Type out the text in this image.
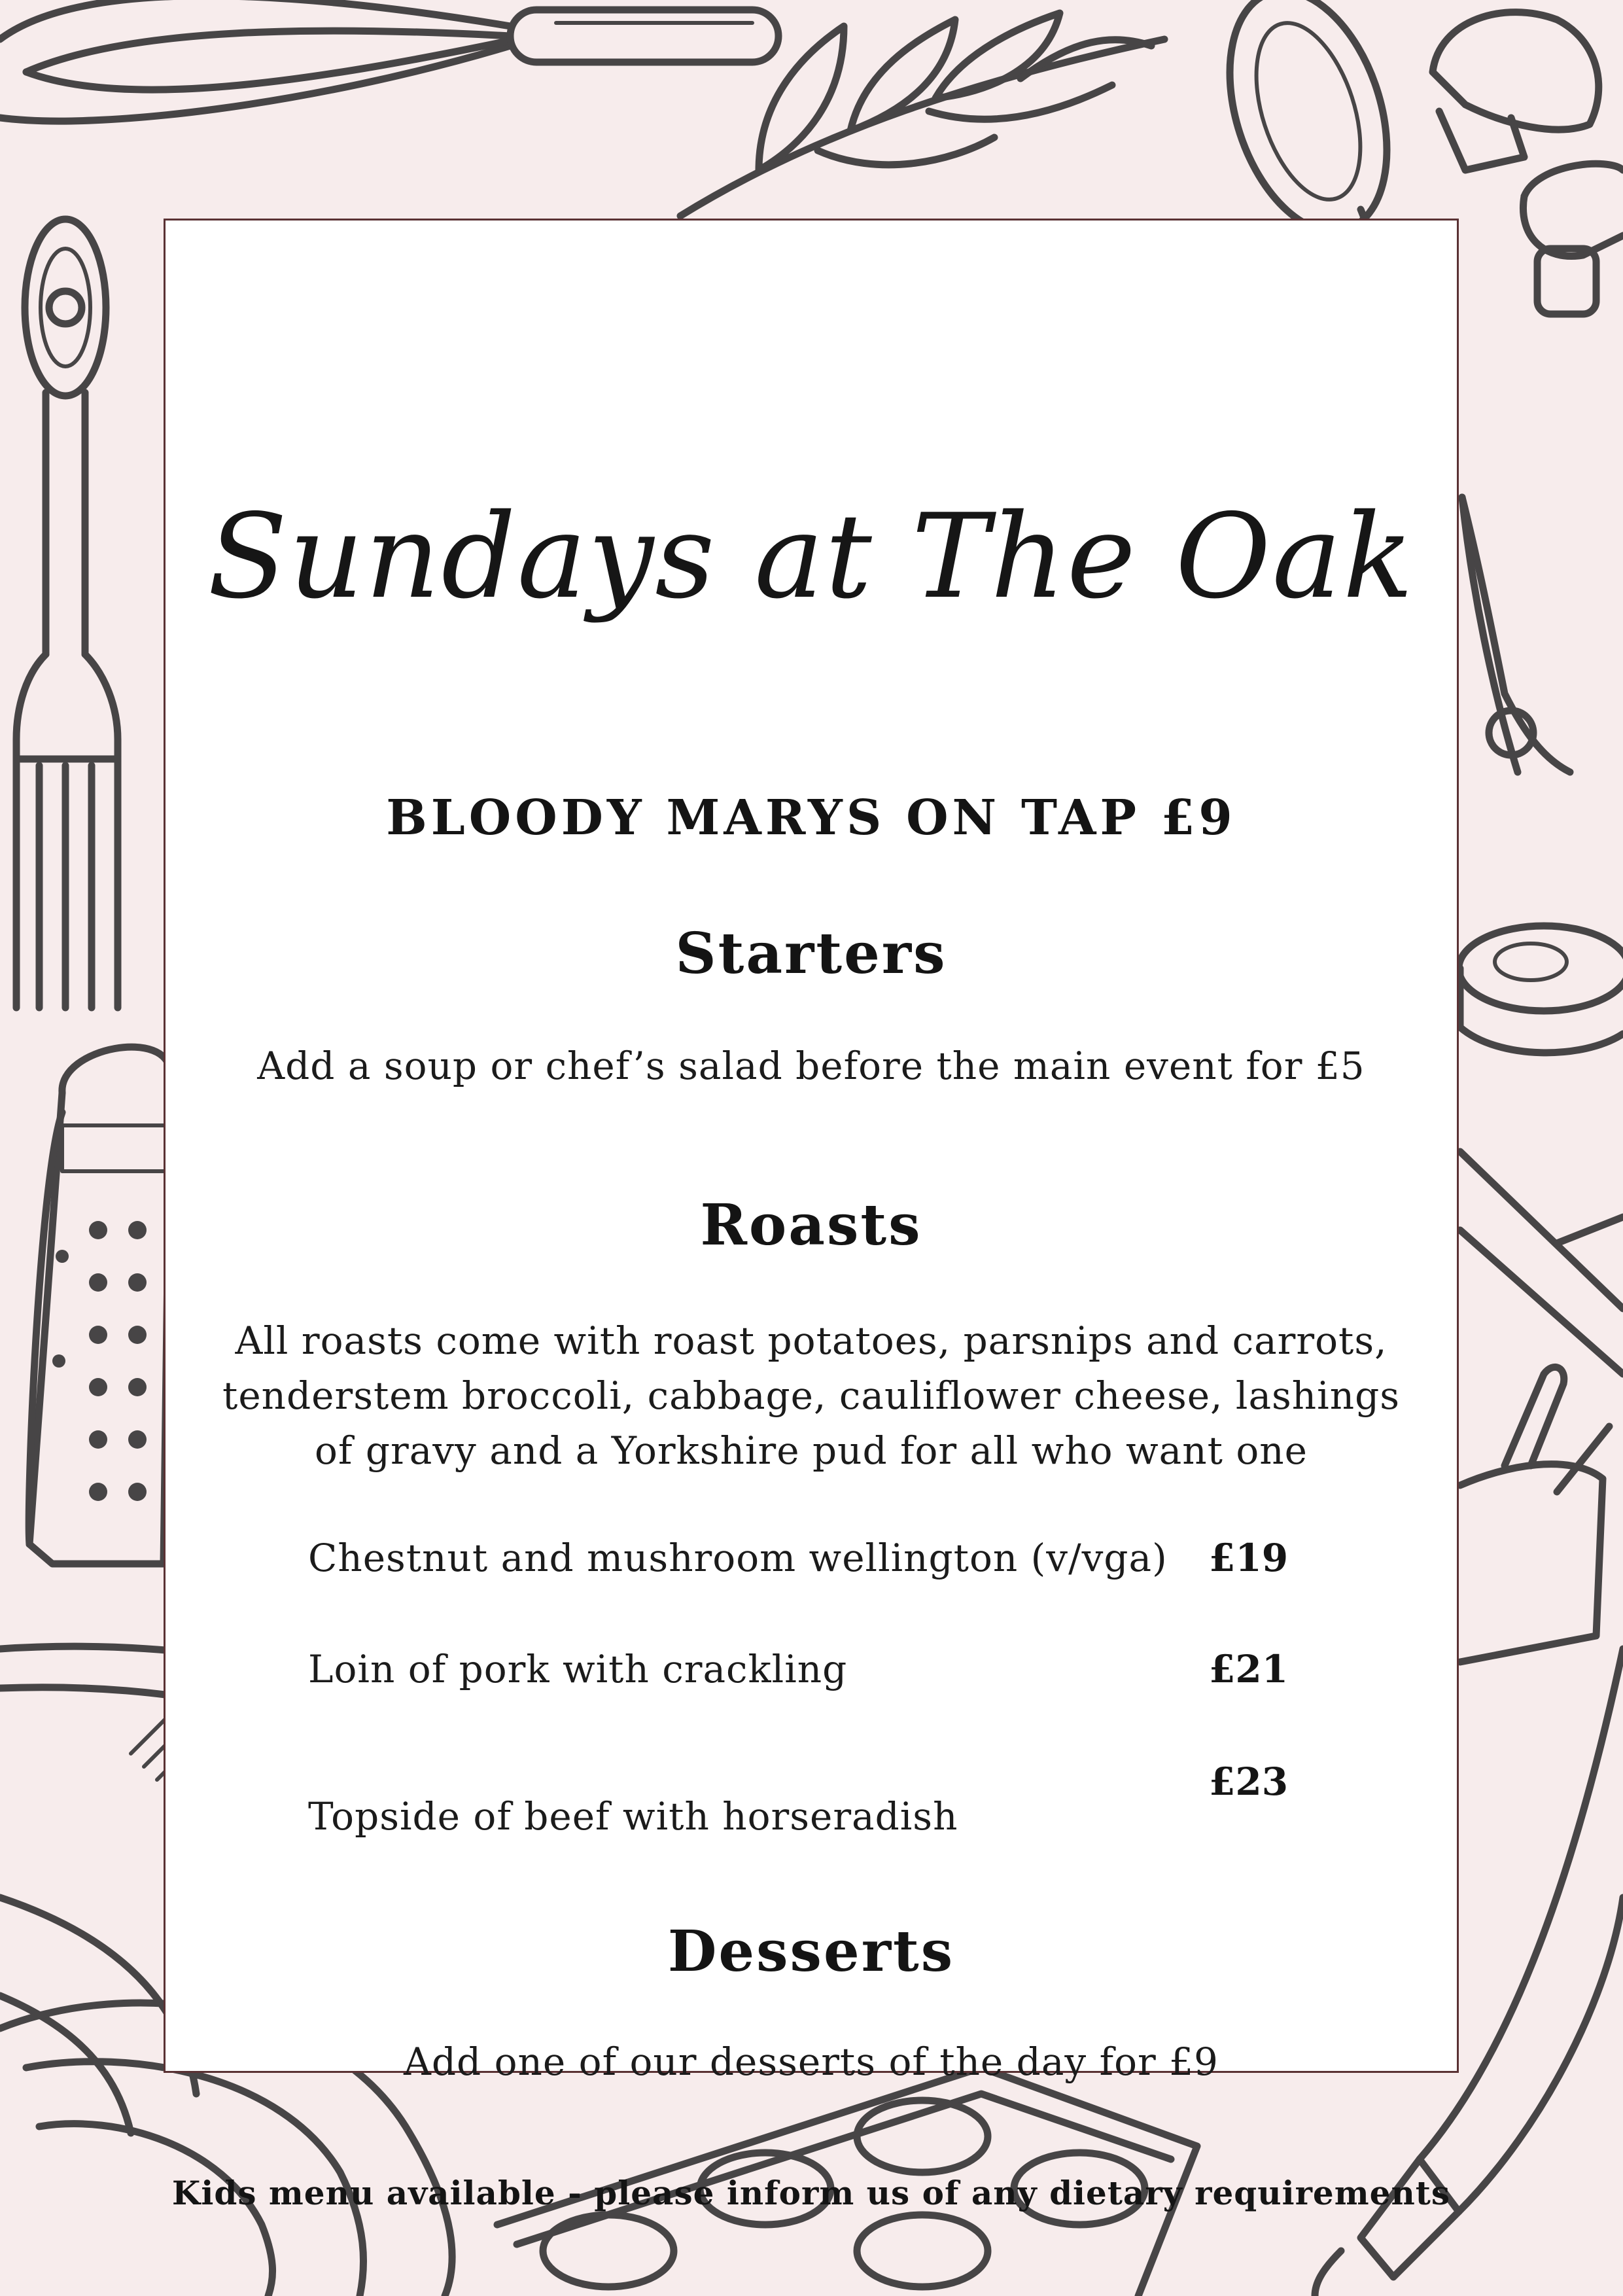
Sundays at The Oak
BLOODY MARYS ON TAP £9
Starters
Add a soup or chef’s salad before the main event for £5
Roasts
All roasts come with roast potatoes, parsnips and carrots,
tenderstem broccoli, cabbage, cauliflower cheese, lashings
of gravy and a Yorkshire pud for all who want one
Chestnut and mushroom wellington (v/vga) £19
Loin of pork with crackling	£21
Topside of beef with horseradish
£23
Desserts
Add one of our desserts of the day for £9
Kids menu available - please inform us of any dietary requirements
